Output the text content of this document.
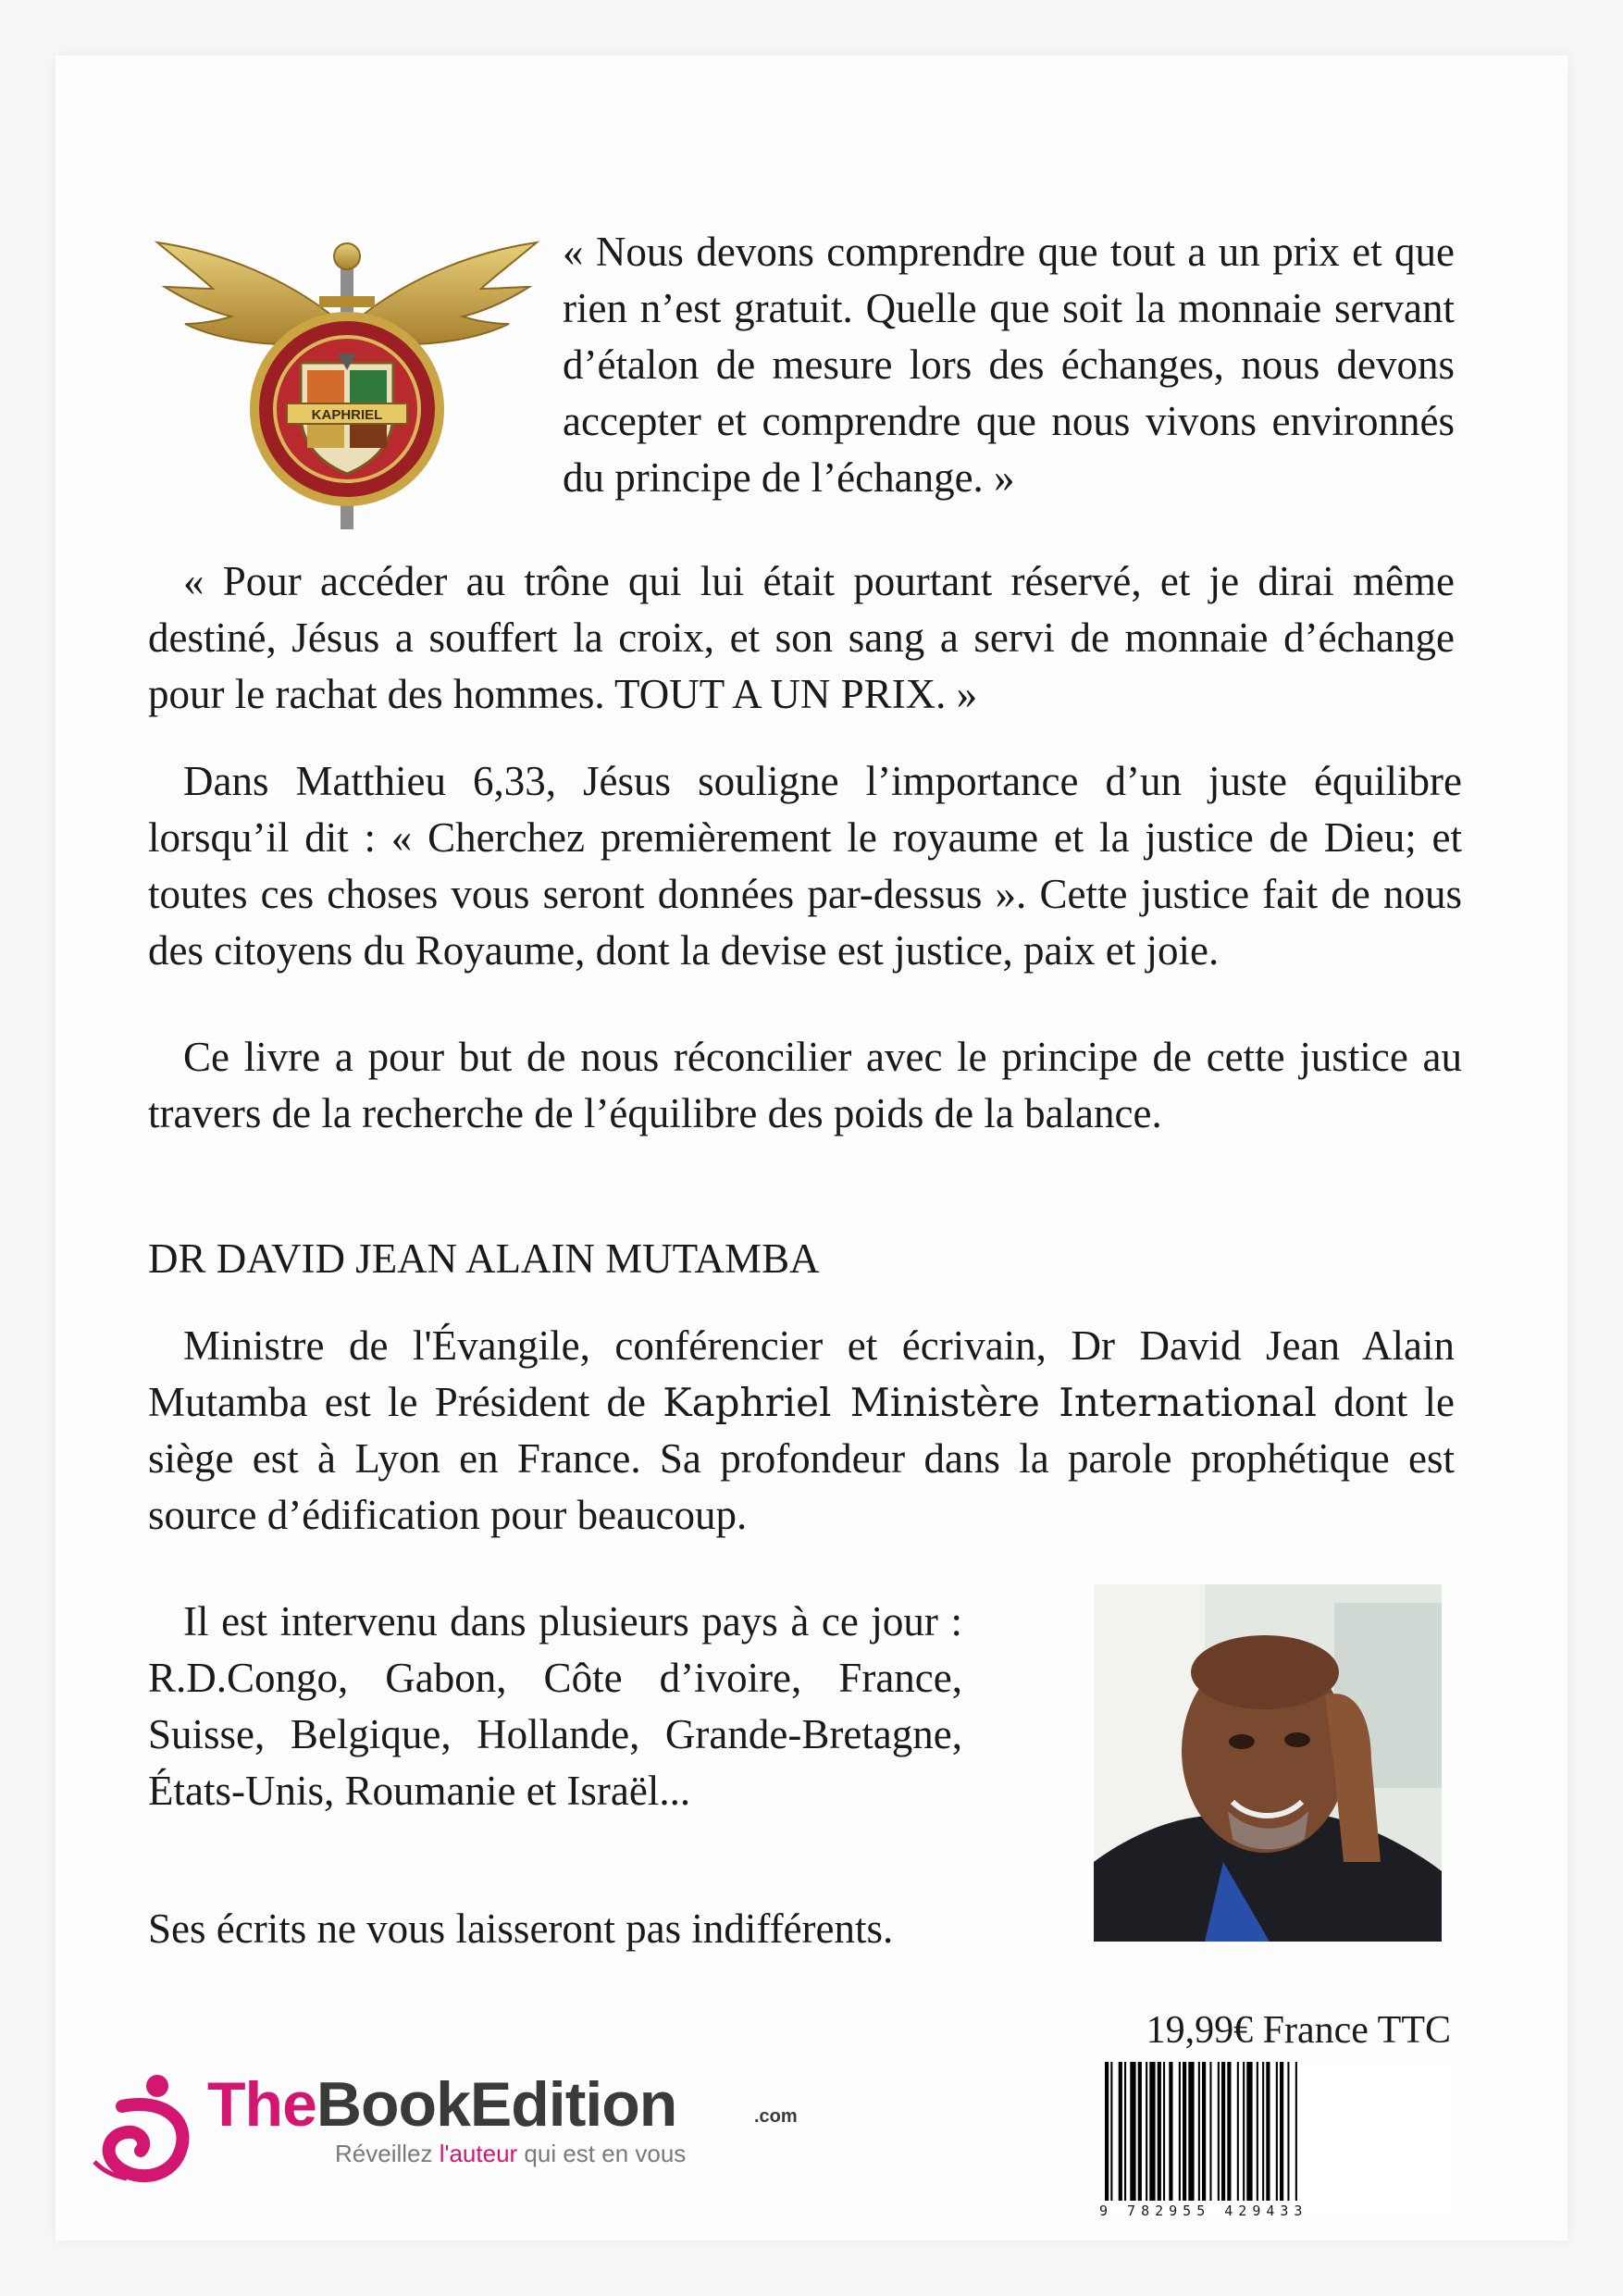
KAPHRIEL

« Nous devons comprendre que tout a un prix et que rien n’est gratuit. Quelle que soit la monnaie servant d’étalon de mesure lors des échanges, nous devons accepter et comprendre que nous vivons environnés du principe de l’échange. »

« Pour accéder au trône qui lui était pourtant réservé, et je dirai même destiné, Jésus a souffert la croix, et son sang a servi de monnaie d’échange pour le rachat des hommes. TOUT A UN PRIX. »

Dans Matthieu 6,33, Jésus souligne l’importance d’un juste équilibre lorsqu’il dit : « Cherchez premièrement le royaume et la justice de Dieu; et toutes ces choses vous seront données par-dessus ». Cette justice fait de nous des citoyens du Royaume, dont la devise est justice, paix et joie.

Ce livre a pour but de nous réconcilier avec le principe de cette justice au travers de la recherche de l’équilibre des poids de la balance.

DR DAVID JEAN ALAIN MUTAMBA

Ministre de l'Évangile, conférencier et écrivain, Dr David Jean Alain Mutamba est le Président de Kaphriel Ministère International dont le siège est à Lyon en France. Sa profondeur dans la parole prophétique est source d’édification pour beaucoup.

Il est intervenu dans plusieurs pays à ce jour : R.D.Congo, Gabon, Côte d’ivoire, France, Suisse, Belgique, Hollande, Grande-Bretagne, États-Unis, Roumanie et Israël...

Ses écrits ne vous laisseront pas indifférents.

19,99€ France TTC
9 782955 429433
TheBookEdition	.com
Réveillez l'auteur qui est en vous
